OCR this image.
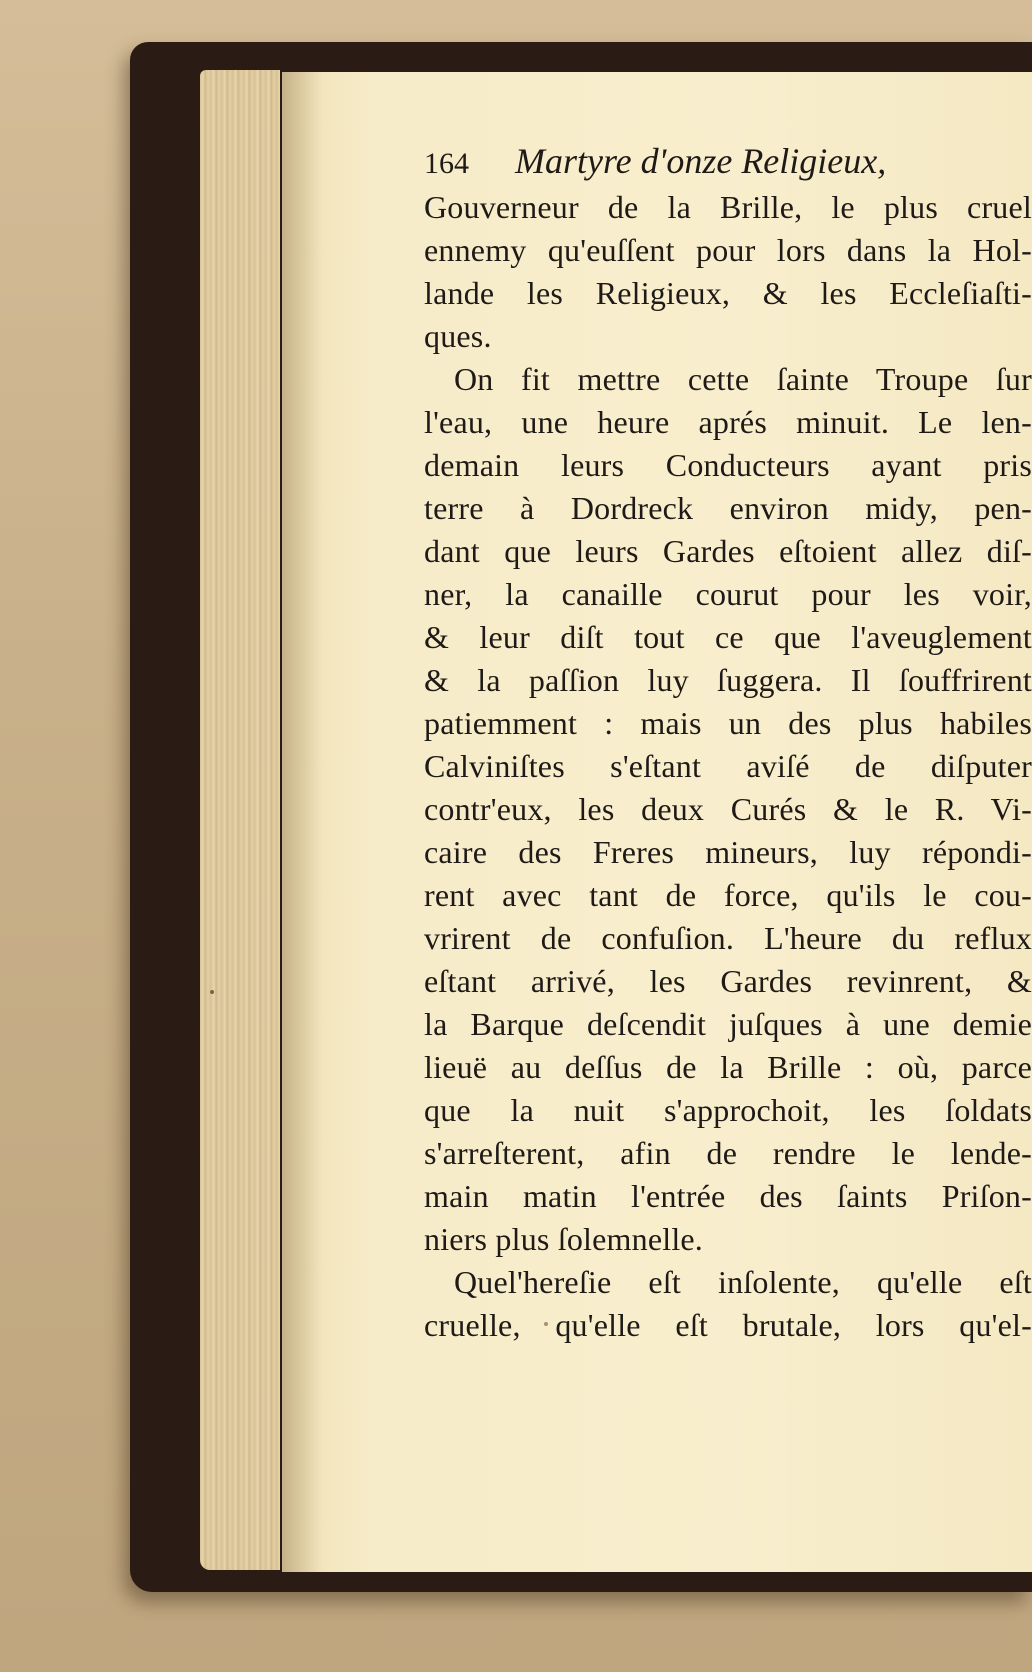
164 Martyre d'onze Religieux,
Gouverneur de la Brille, le plus cruel
ennemy qu'euſſent pour lors dans la Hol-
lande les Religieux, & les Eccleſiaſti-
ques.
On fit mettre cette ſainte Troupe ſur
l'eau, une heure aprés minuit. Le len-
demain leurs Conducteurs ayant pris
terre à Dordreck environ midy, pen-
dant que leurs Gardes eſtoient allez diſ-
ner, la canaille courut pour les voir,
& leur diſt tout ce que l'aveuglement
& la paſſion luy ſuggera. Il ſouffrirent
patiemment : mais un des plus habiles
Calviniſtes s'eſtant aviſé de diſputer
contr'eux, les deux Curés & le R. Vi-
caire des Freres mineurs, luy répondi-
rent avec tant de force, qu'ils le cou-
vrirent de confuſion. L'heure du reflux
eſtant arrivé, les Gardes revinrent, &
la Barque deſcendit juſques à une demie
lieuë au deſſus de la Brille : où, parce
que la nuit s'approchoit, les ſoldats
s'arreſterent, afin de rendre le lende-
main matin l'entrée des ſaints Priſon-
niers plus ſolemnelle.
Quel'hereſie eſt inſolente, qu'elle eſt
cruelle, qu'elle eſt brutale, lors qu'el-
